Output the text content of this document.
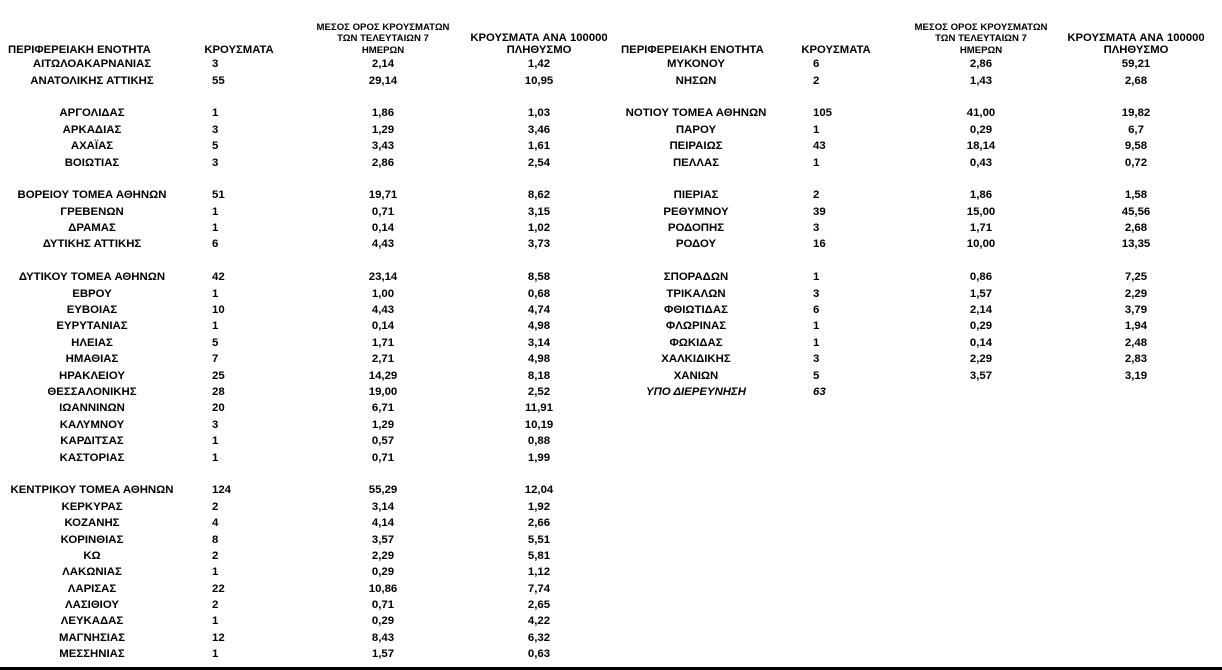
ΠΕΡΙΦΕΡΕΙΑΚΗ ΕΝΟΤΗΤΑ	ΚΡΟΥΣΜΑΤΑ
ΜΕΣΟΣ ΟΡΟΣ ΚΡΟΥΣΜΑΤΩΝ
ΤΩΝ ΤΕΛΕΥΤΑΙΩΝ 7
ΗΜΕΡΩΝ
ΚΡΟΥΣΜΑΤΑ ΑΝΑ 100000
ΠΛΗΘΥΣΜΟ
ΑΙΤΩΛΟΑΚΑΡΝΑΝΙΑΣ	3	2,14	1,42
ΑΝΑΤΟΛΙΚΗΣ ΑΤΤΙΚΗΣ	55	29,14	10,95
ΑΡΓΟΛΙΔΑΣ	1	1,86	1,03
ΑΡΚΑΔΙΑΣ	3	1,29	3,46
ΑΧΑΪΑΣ	5	3,43	1,61
ΒΟΙΩΤΙΑΣ	3	2,86	2,54
ΒΟΡΕΙΟΥ ΤΟΜΕΑ ΑΘΗΝΩΝ	51	19,71	8,62
ΓΡΕΒΕΝΩΝ	1	0,71	3,15
ΔΡΑΜΑΣ	1	0,14	1,02
ΔΥΤΙΚΗΣ ΑΤΤΙΚΗΣ	6	4,43	3,73
ΔΥΤΙΚΟΥ ΤΟΜΕΑ ΑΘΗΝΩΝ	42	23,14	8,58
ΕΒΡΟΥ	1	1,00	0,68
ΕΥΒΟΙΑΣ	10	4,43	4,74
ΕΥΡΥΤΑΝΙΑΣ	1	0,14	4,98
ΗΛΕΙΑΣ	5	1,71	3,14
ΗΜΑΘΙΑΣ	7	2,71	4,98
ΗΡΑΚΛΕΙΟΥ	25	14,29	8,18
ΘΕΣΣΑΛΟΝΙΚΗΣ	28	19,00	2,52
ΙΩΑΝΝΙΝΩΝ	20	6,71	11,91
ΚΑΛΥΜΝΟΥ	3	1,29	10,19
ΚΑΡΔΙΤΣΑΣ	1	0,57	0,88
ΚΑΣΤΟΡΙΑΣ	1	0,71	1,99
ΚΕΝΤΡΙΚΟΥ ΤΟΜΕΑ ΑΘΗΝΩΝ	124	55,29	12,04
ΚΕΡΚΥΡΑΣ	2	3,14	1,92
ΚΟΖΑΝΗΣ	4	4,14	2,66
ΚΟΡΙΝΘΙΑΣ	8	3,57	5,51
ΚΩ	2	2,29	5,81
ΛΑΚΩΝΙΑΣ	1	0,29	1,12
ΛΑΡΙΣΑΣ	22	10,86	7,74
ΛΑΣΙΘΙΟΥ	2	0,71	2,65
ΛΕΥΚΑΔΑΣ	1	0,29	4,22
ΜΑΓΝΗΣΙΑΣ	12	8,43	6,32
ΜΕΣΣΗΝΙΑΣ	1	1,57	0,63
ΠΕΡΙΦΕΡΕΙΑΚΗ ΕΝΟΤΗΤΑ	ΚΡΟΥΣΜΑΤΑ
ΜΕΣΟΣ ΟΡΟΣ ΚΡΟΥΣΜΑΤΩΝ
ΤΩΝ ΤΕΛΕΥΤΑΙΩΝ 7
ΗΜΕΡΩΝ
ΚΡΟΥΣΜΑΤΑ ΑΝΑ 100000
ΠΛΗΘΥΣΜΟ
ΜΥΚΟΝΟΥ	6	2,86	59,21
ΝΗΣΩΝ	2	1,43	2,68
ΝΟΤΙΟΥ ΤΟΜΕΑ ΑΘΗΝΩΝ	105	41,00	19,82
ΠΑΡΟΥ	1	0,29	6,7
ΠΕΙΡΑΙΩΣ	43	18,14	9,58
ΠΕΛΛΑΣ	1	0,43	0,72
ΠΙΕΡΙΑΣ	2	1,86	1,58
ΡΕΘΥΜΝΟΥ	39	15,00	45,56
ΡΟΔΟΠΗΣ	3	1,71	2,68
ΡΟΔΟΥ	16	10,00	13,35
ΣΠΟΡΑΔΩΝ	1	0,86	7,25
ΤΡΙΚΑΛΩΝ	3	1,57	2,29
ΦΘΙΩΤΙΔΑΣ	6	2,14	3,79
ΦΛΩΡΙΝΑΣ	1	0,29	1,94
ΦΩΚΙΔΑΣ	1	0,14	2,48
ΧΑΛΚΙΔΙΚΗΣ	3	2,29	2,83
ΧΑΝΙΩΝ	5	3,57	3,19
ΥΠΟ ΔΙΕΡΕΥΝΗΣΗ	63
